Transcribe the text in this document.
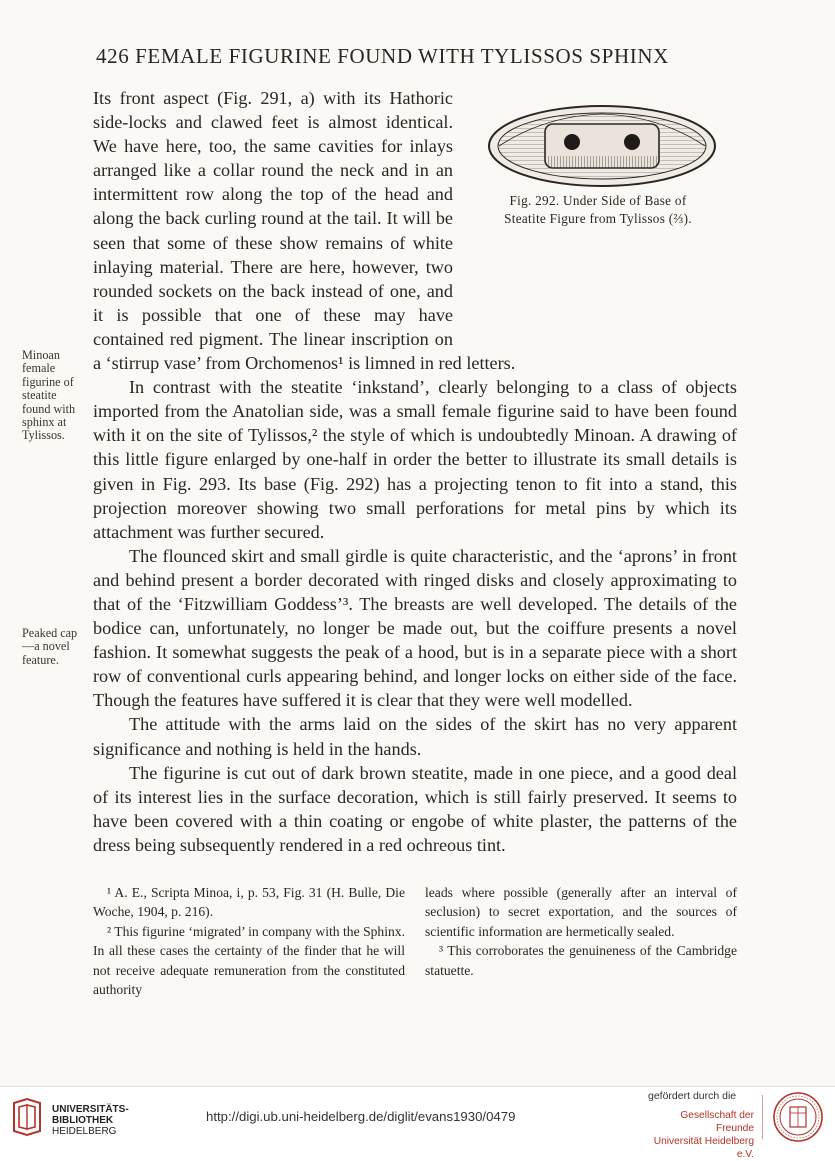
426 FEMALE FIGURINE FOUND WITH TYLISSOS SPHINX
Fig. 292. Under Side of Base of
Steatite Figure from Tylissos (⅔).

Its front aspect (Fig. 291, a) with its Hathoric side-locks and clawed feet is almost identical. We have here, too, the same cavities for inlays arranged like a collar round the neck and in an intermittent row along the top of the head and along the back curling round at the tail. It will be seen that some of these show remains of white inlaying material. There are here, however, two rounded sockets on the back instead of one, and it is possible that one of these may have contained red pigment. The linear inscription on a ‘stirrup vase’ from Orchomenos¹ is limned in red letters.

In contrast with the steatite ‘inkstand’, clearly belonging to a class of objects imported from the Anatolian side, was a small female figurine said to have been found with it on the site of Tylissos,² the style of which is undoubtedly Minoan. A drawing of this little figure enlarged by one-half in order the better to illustrate its small details is given in Fig. 293. Its base (Fig. 292) has a projecting tenon to fit into a stand, this projection moreover showing two small perforations for metal pins by which its attachment was further secured.

The flounced skirt and small girdle is quite characteristic, and the ‘aprons’ in front and behind present a border decorated with ringed disks and closely approximating to that of the ‘Fitzwilliam Goddess’³. The breasts are well developed. The details of the bodice can, unfortunately, no longer be made out, but the coiffure presents a novel fashion. It somewhat suggests the peak of a hood, but is in a separate piece with a short row of conventional curls appearing behind, and longer locks on either side of the face. Though the features have suffered it is clear that they were well modelled.

The attitude with the arms laid on the sides of the skirt has no very apparent significance and nothing is held in the hands.

The figurine is cut out of dark brown steatite, made in one piece, and a good deal of its interest lies in the surface decoration, which is still fairly preserved. It seems to have been covered with a thin coating or engobe of white plaster, the patterns of the dress being subsequently rendered in a red ochreous tint.

Minoan female figurine of steatite found with sphinx at Tylissos.
Peaked cap—a novel feature.

¹ A. E., Scripta Minoa, i, p. 53, Fig. 31 (H. Bulle, Die Woche, 1904, p. 216).

² This figurine ‘migrated’ in company with the Sphinx. In all these cases the certainty of the finder that he will not receive adequate remuneration from the constituted authority

leads where possible (generally after an interval of seclusion) to secret exportation, and the sources of scientific information are hermetically sealed.

³ This corroborates the genuineness of the Cambridge statuette.

UNIVERSITÄTS-
BIBLIOTHEK
HEIDELBERG
http://digi.ub.uni-heidelberg.de/diglit/evans1930/0479
gefördert durch die
Gesellschaft der Freunde
Universität Heidelberg e.V.
